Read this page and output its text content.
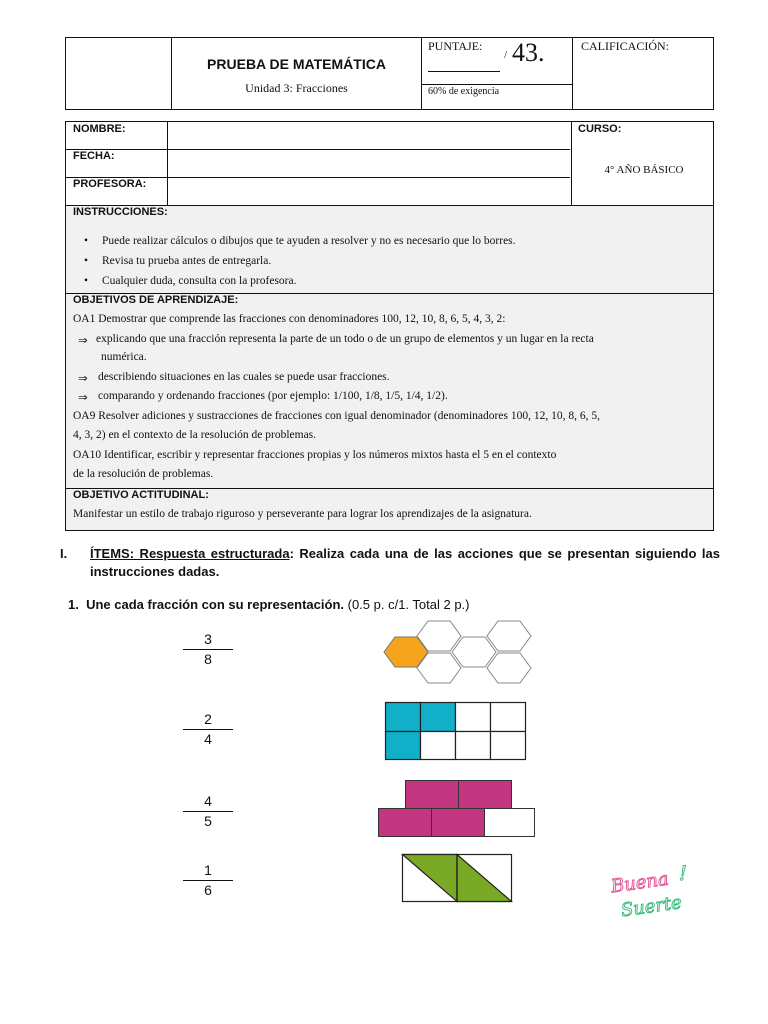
PRUEBA DE MATEMÁTICA
Unidad 3: Fracciones
PUNTAJE:
/ 43.
60% de exigencia
CALIFICACIÓN:
NOMBRE:
FECHA:
PROFESORA:
CURSO:
4° AÑO BÁSICO
INSTRUCCIONES:
• Puede realizar cálculos o dibujos que te ayuden a resolver y no es necesario que lo borres.
• Revisa tu prueba antes de entregarla.
• Cualquier duda, consulta con la profesora.
OBJETIVOS DE APRENDIZAJE:
OA1 Demostrar que comprende las fracciones con denominadores 100, 12, 10, 8, 6, 5, 4, 3, 2:
⇒ explicando que una fracción representa la parte de un todo o de un grupo de elementos y un lugar en la recta
numérica.
⇒ describiendo situaciones en las cuales se puede usar fracciones.
⇒ comparando y ordenando fracciones (por ejemplo: 1/100, 1/8, 1/5, 1/4, 1/2).
OA9 Resolver adiciones y sustracciones de fracciones con igual denominador (denominadores 100, 12, 10, 8, 6, 5,
4, 3, 2) en el contexto de la resolución de problemas.
OA10 Identificar, escribir y representar fracciones propias y los números mixtos hasta el 5 en el contexto
de la resolución de problemas.
OBJETIVO ACTITUDINAL:
Manifestar un estilo de trabajo riguroso y perseverante para lograr los aprendizajes de la asignatura.
I. ÍTEMS: Respuesta estructurada: Realiza cada una de las acciones que se presentan siguiendo las instrucciones dadas.
1. Une cada fracción con su representación. (0.5 p. c/1. Total 2 p.)
3
8
2
4
4
5
1
6	Buena
Suerte
!
